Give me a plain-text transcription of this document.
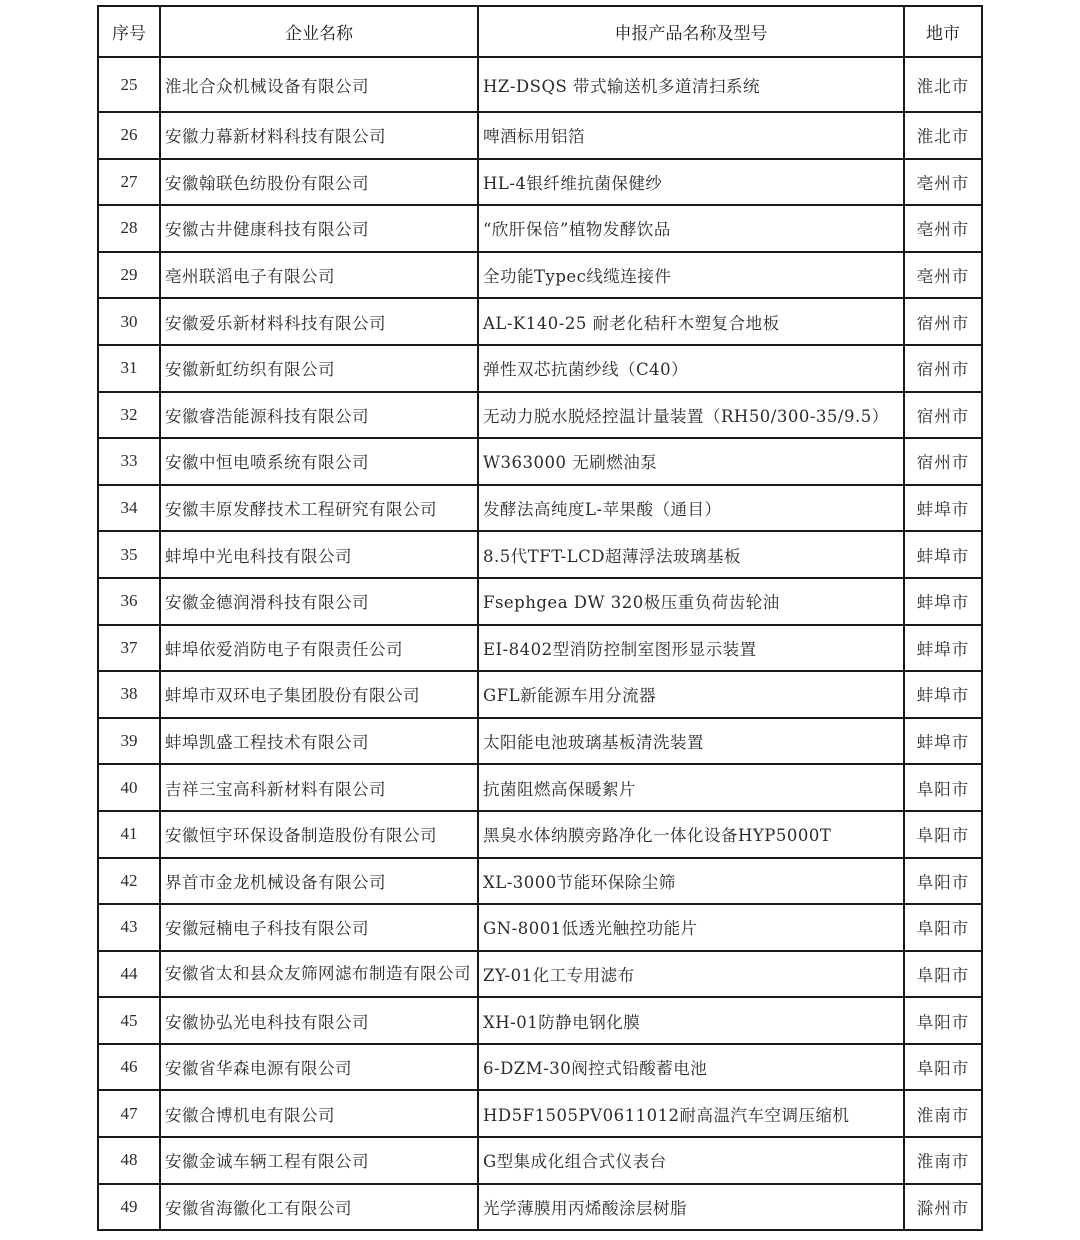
序号	企业名称	申报产品名称及型号	地市
25	淮北合众机械设备有限公司	HZ-DSQS 带式输送机多道清扫系统	淮北市
26	安徽力幕新材料科技有限公司	啤酒标用铝箔	淮北市
27	安徽翰联色纺股份有限公司	HL-4银纤维抗菌保健纱	亳州市
28	安徽古井健康科技有限公司	“欣肝保倍”植物发酵饮品	亳州市
29	亳州联滔电子有限公司	全功能Typec线缆连接件	亳州市
30	安徽爱乐新材料科技有限公司	AL-K140-25 耐老化秸秆木塑复合地板	宿州市
31	安徽新虹纺织有限公司	弹性双芯抗菌纱线（C40）	宿州市
32	安徽睿浩能源科技有限公司	无动力脱水脱烃控温计量装置（RH50/300-35/9.5）	宿州市
33	安徽中恒电喷系统有限公司	W363000 无刷燃油泵	宿州市
34	安徽丰原发酵技术工程研究有限公司	发酵法高纯度L-苹果酸（通目）	蚌埠市
35	蚌埠中光电科技有限公司	8.5代TFT-LCD超薄浮法玻璃基板	蚌埠市
36	安徽金德润滑科技有限公司	Fsephgea DW 320极压重负荷齿轮油	蚌埠市
37	蚌埠依爱消防电子有限责任公司	EI-8402型消防控制室图形显示装置	蚌埠市
38	蚌埠市双环电子集团股份有限公司	GFL新能源车用分流器	蚌埠市
39	蚌埠凯盛工程技术有限公司	太阳能电池玻璃基板清洗装置	蚌埠市
40	吉祥三宝高科新材料有限公司	抗菌阻燃高保暖絮片	阜阳市
41	安徽恒宇环保设备制造股份有限公司	黑臭水体纳膜旁路净化一体化设备HYP5000T	阜阳市
42	界首市金龙机械设备有限公司	XL-3000节能环保除尘筛	阜阳市
43	安徽冠楠电子科技有限公司	GN-8001低透光触控功能片	阜阳市
44	安徽省太和县众友筛网滤布制造有限公司	ZY-01化工专用滤布	阜阳市
45	安徽协弘光电科技有限公司	XH-01防静电钢化膜	阜阳市
46	安徽省华森电源有限公司	6-DZM-30阀控式铅酸蓄电池	阜阳市
47	安徽合博机电有限公司	HD5F1505PV0611012耐高温汽车空调压缩机	淮南市
48	安徽金诚车辆工程有限公司	G型集成化组合式仪表台	淮南市
49	安徽省海徽化工有限公司	光学薄膜用丙烯酸涂层树脂	滁州市
